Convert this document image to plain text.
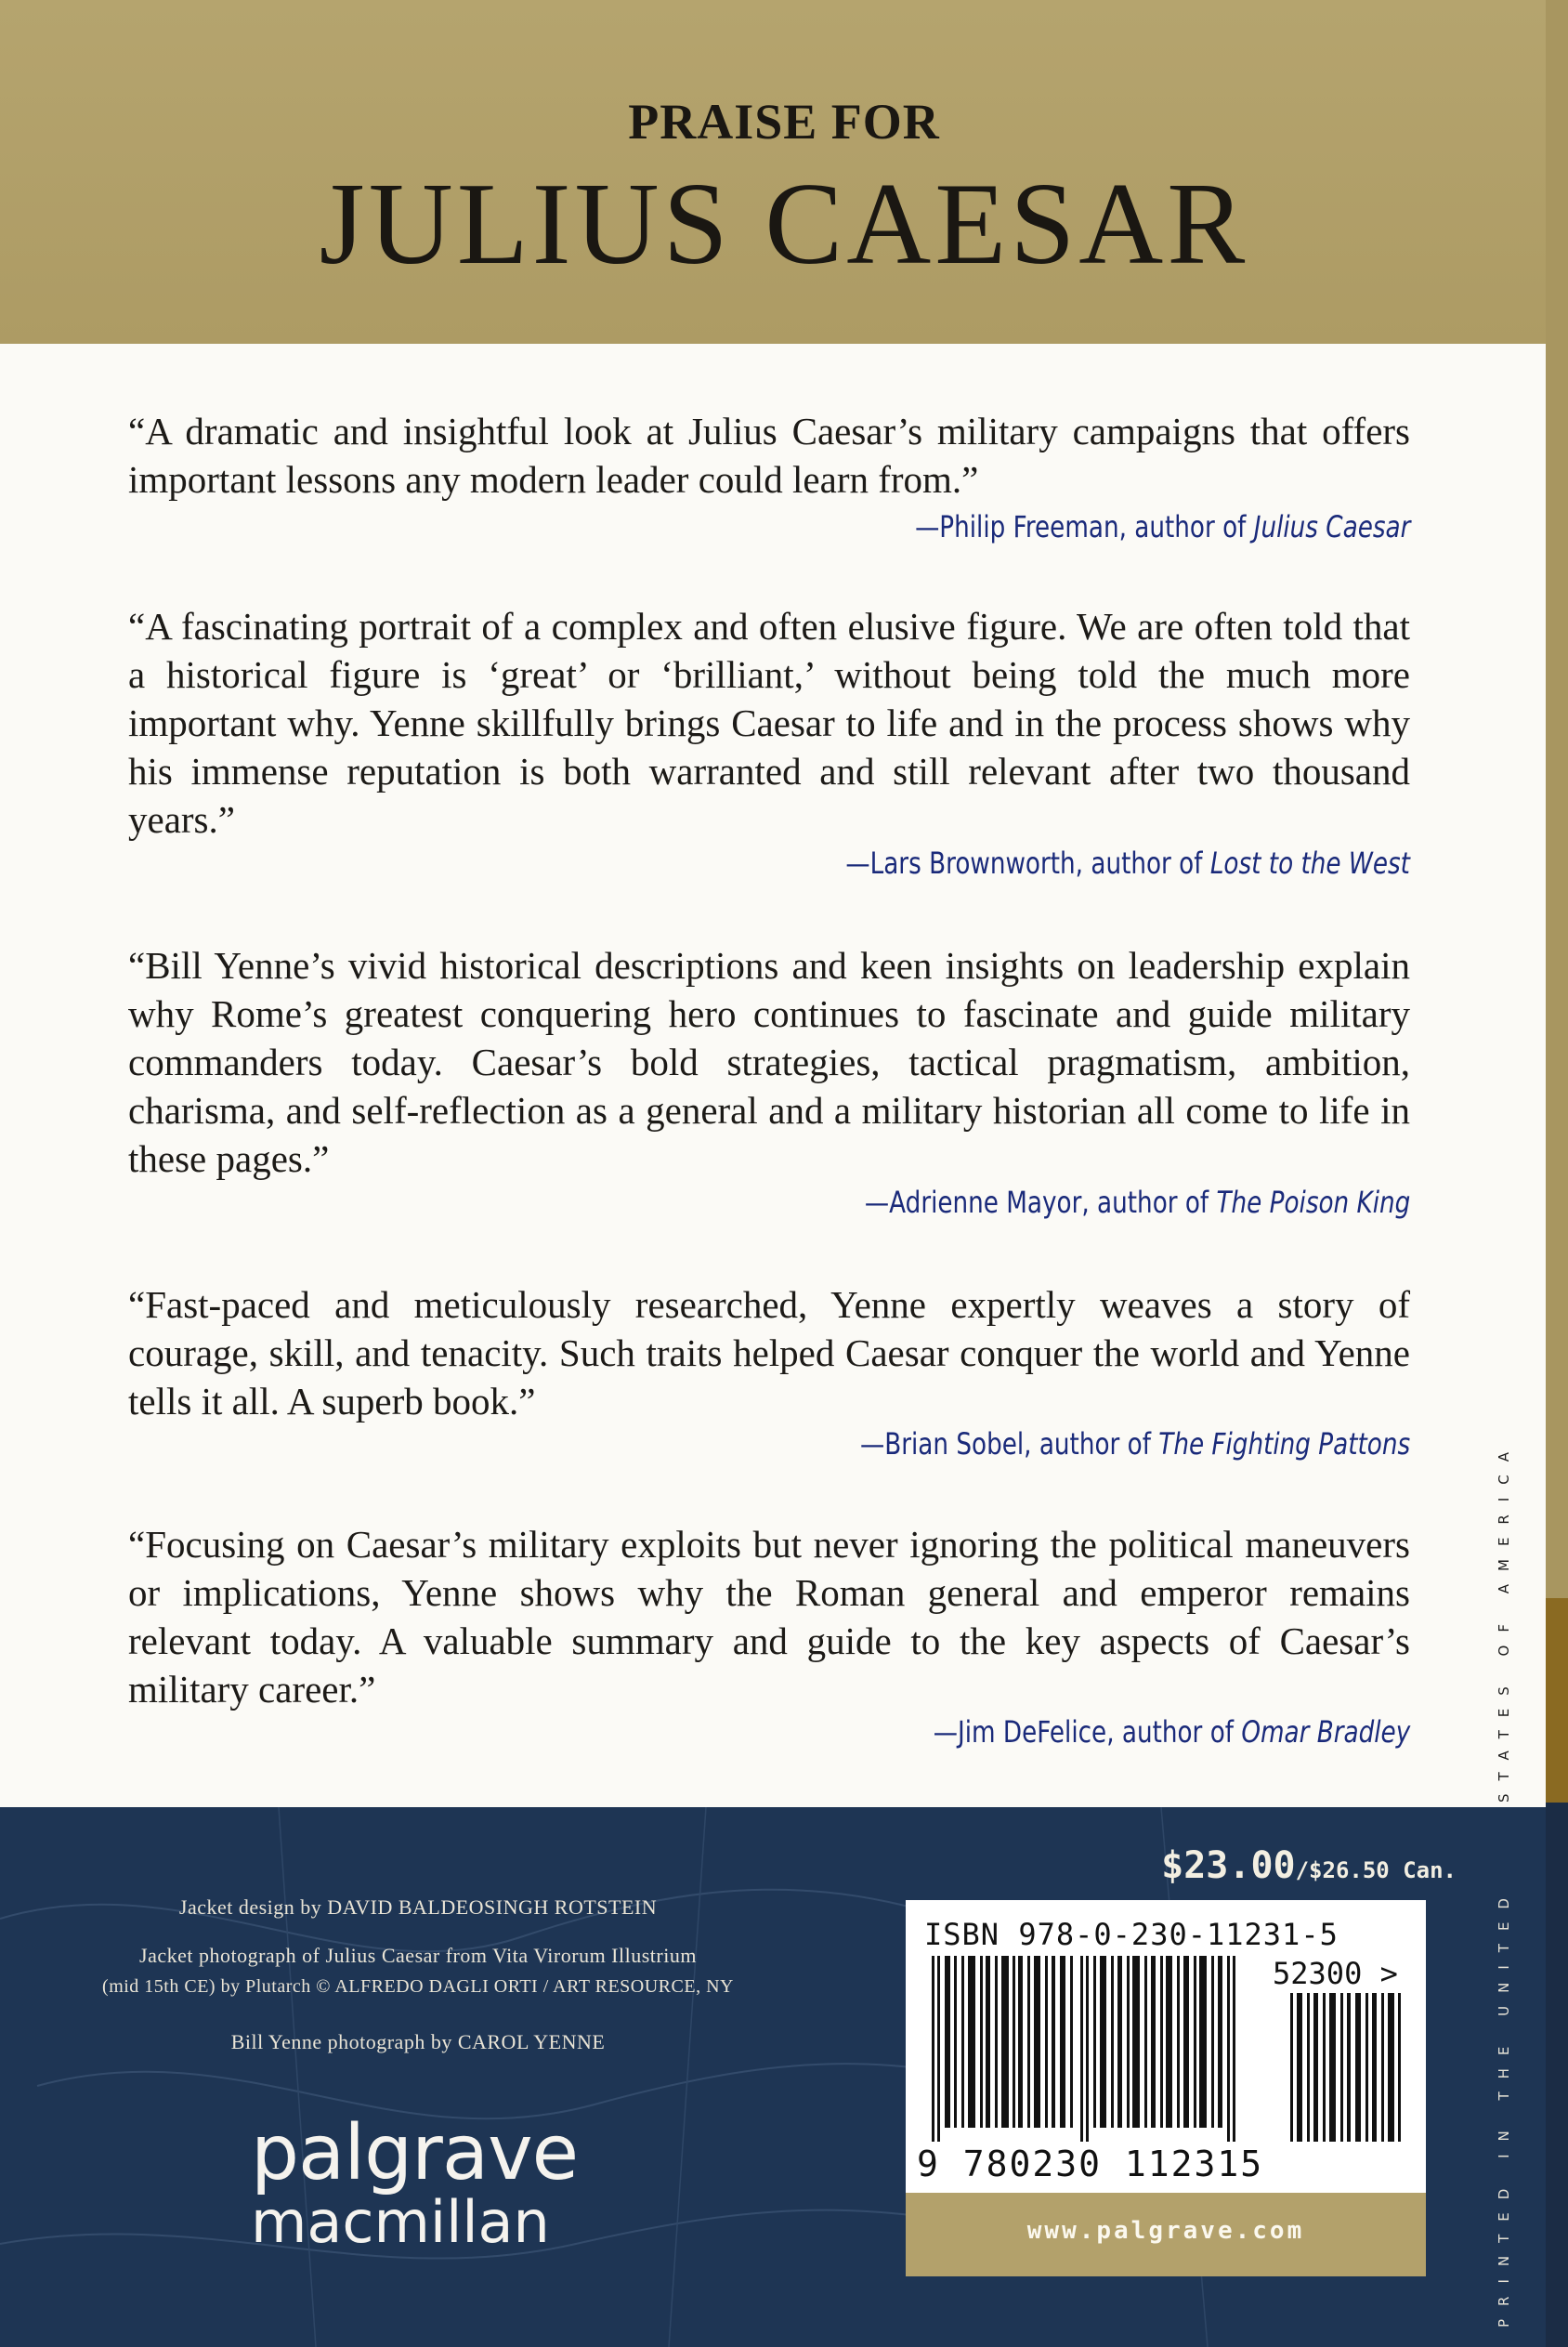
PRAISE FOR
JULIUS CAESAR
STATES OF AMERICA
“A dramatic and insightful look at Julius Caesar’s military campaigns that offers important lessons any modern leader could learn from.”
—Philip Freeman, author of Julius Caesar
“A fascinating portrait of a complex and often elusive figure. We are often told that a historical figure is ‘great’ or ‘brilliant,’ without being told the much more important why. Yenne skillfully brings Caesar to life and in the process shows why his immense reputation is both warranted and still relevant after two thousand years.”
—Lars Brownworth, author of Lost to the West
“Bill Yenne’s vivid historical descriptions and keen insights on leadership explain why Rome’s greatest conquering hero continues to fascinate and guide military commanders today. Caesar’s bold strategies, tactical pragmatism, ambition, charisma, and self-reflection as a general and a military historian all come to life in these pages.”
—Adrienne Mayor, author of The Poison King
“Fast-paced and meticulously researched, Yenne expertly weaves a story of courage, skill, and tenacity. Such traits helped Caesar conquer the world and Yenne tells it all. A superb book.”
—Brian Sobel, author of The Fighting Pattons
“Focusing on Caesar’s military exploits but never ignoring the political maneuvers or implications, Yenne shows why the Roman general and emperor remains relevant today. A valuable summary and guide to the key aspects of Caesar’s military career.”
—Jim DeFelice, author of Omar Bradley
Jacket design by DAVID BALDEOSINGH ROTSTEIN
Jacket photograph of Julius Caesar from Vita Virorum Illustrium
(mid 15th CE) by Plutarch © ALFREDO DAGLI ORTI / ART RESOURCE, NY
Bill Yenne photograph by CAROL YENNE
palgrave
macmillan
$23.00/$26.50 Can.
ISBN 978-0-230-11231-5
52300 >
9 780230 112315
www.palgrave.com	PRINTED IN THE UNITED
